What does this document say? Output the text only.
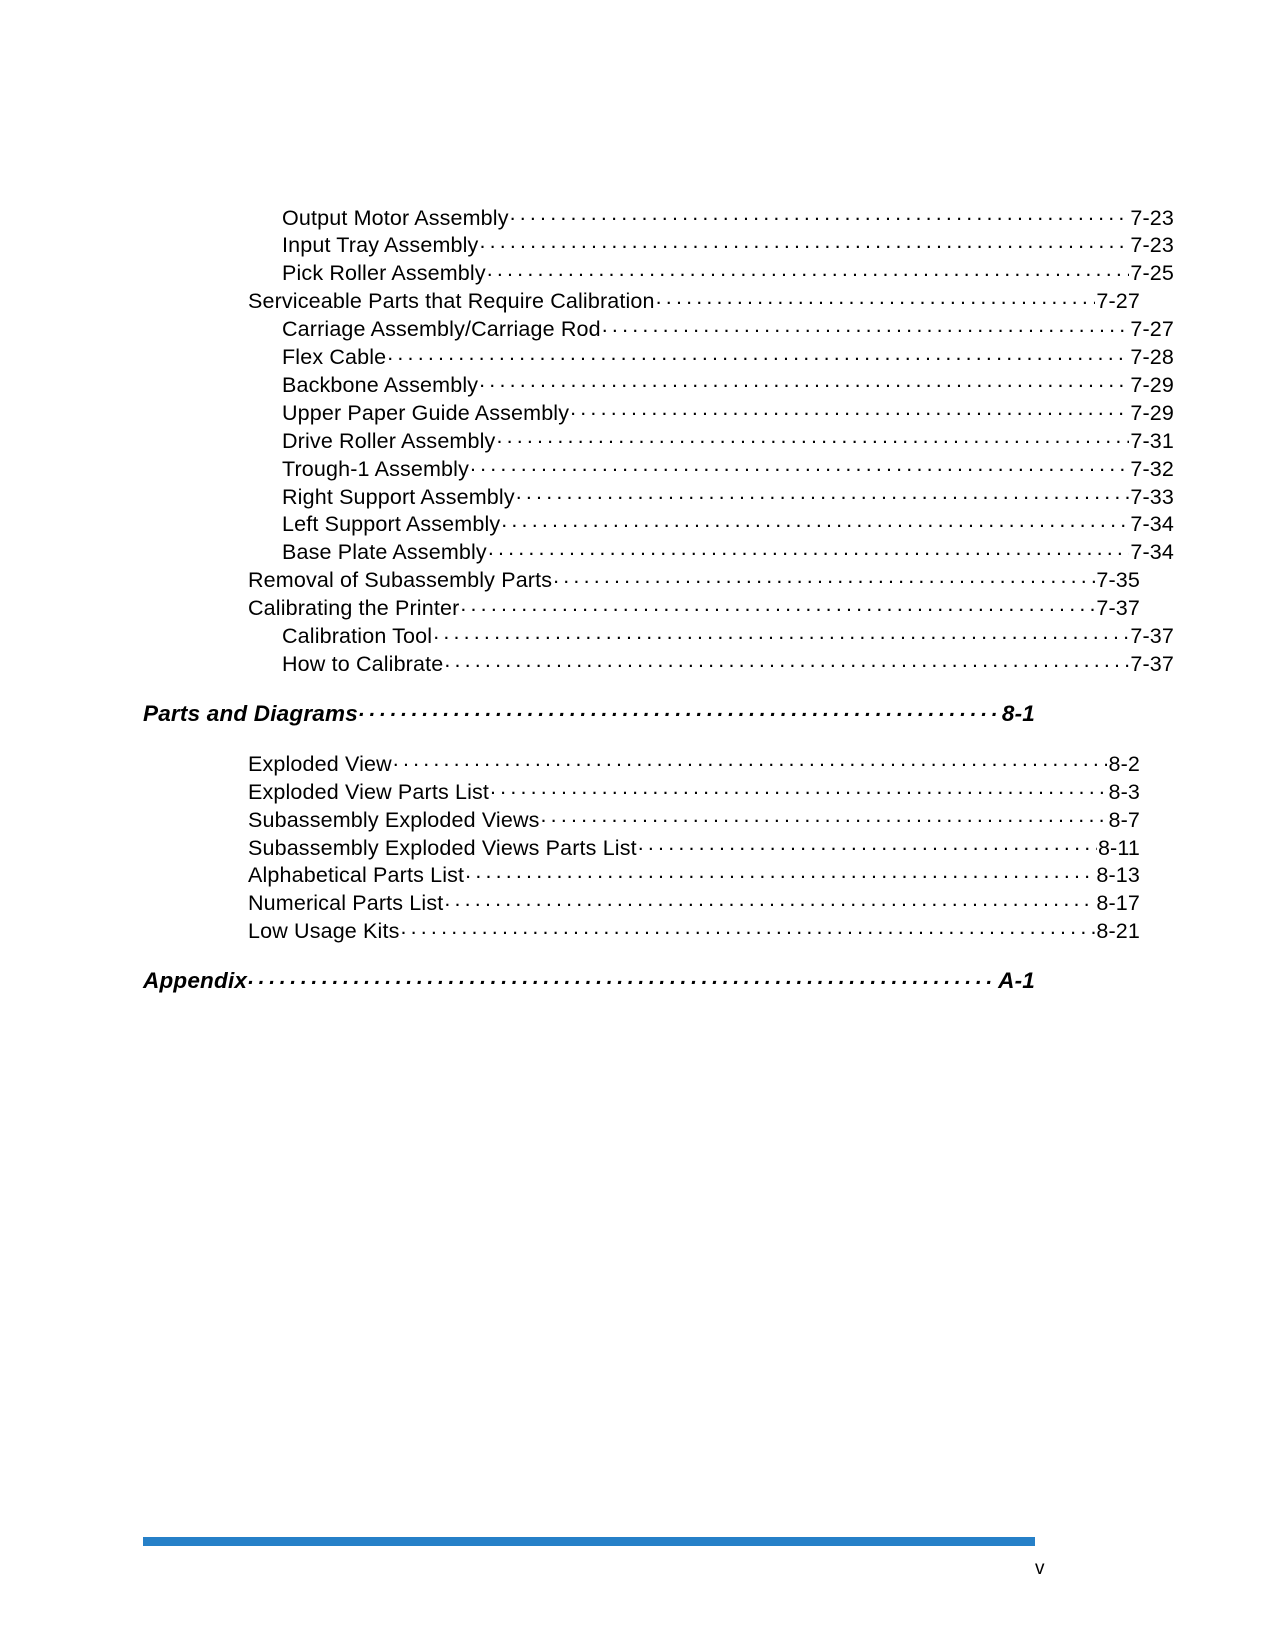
Output Motor Assembly . . .	7-23
Input Tray Assembly . . .	7-23
Pick Roller Assembly . . .	7-25
Serviceable Parts that Require Calibration . . .	7-27
Carriage Assembly/Carriage Rod . . .	7-27
Flex Cable . . .	7-28
Backbone Assembly . . .	7-29
Upper Paper Guide Assembly . . .	7-29
Drive Roller Assembly . . .	7-31
Trough-1 Assembly . . .	7-32
Right Support Assembly . . .	7-33
Left Support Assembly . . .	7-34
Base Plate Assembly . . .	7-34
Removal of Subassembly Parts . . .	7-35
Calibrating the Printer . . .	7-37
Calibration Tool . . .	7-37
How to Calibrate . . .	7-37
Parts and Diagrams . . .	8-1
Exploded View . . .	8-2
Exploded View Parts List . . .	8-3
Subassembly Exploded Views . . .	8-7
Subassembly Exploded Views Parts List . . .	8-11
Alphabetical Parts List . . .	8-13
Numerical Parts List . . .	8-17
Low Usage Kits . . .	8-21
Appendix . . .	A-1
v
